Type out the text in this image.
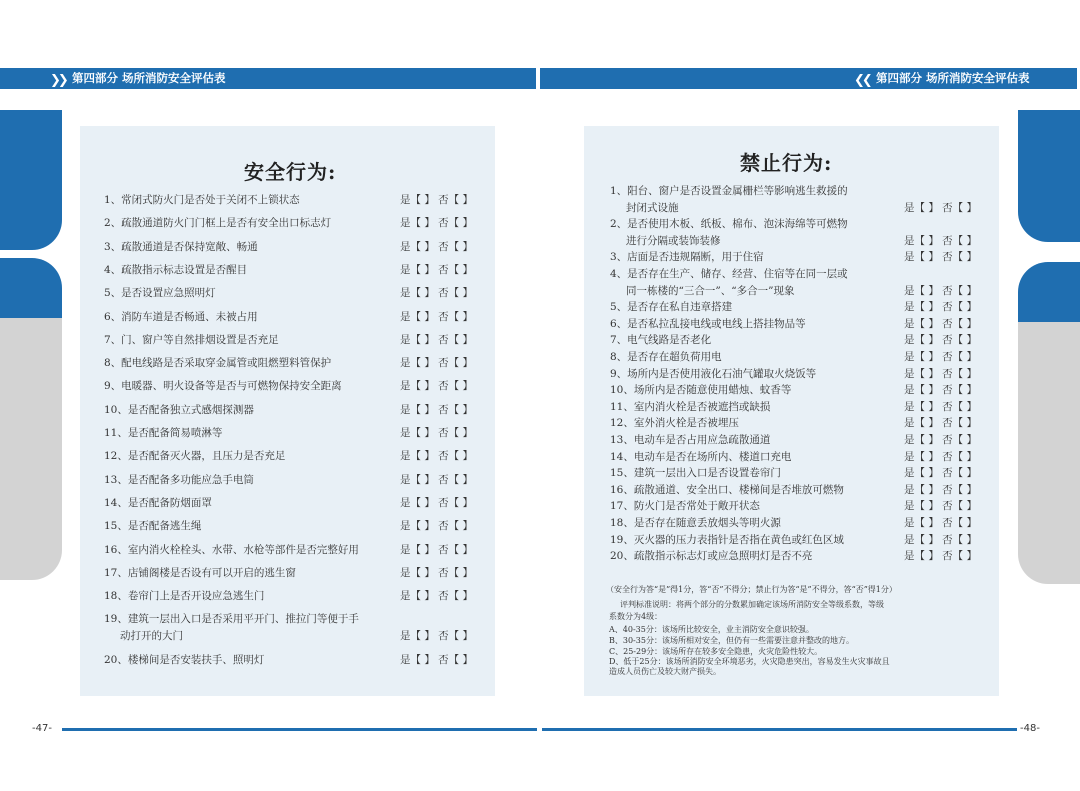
❯❯ 第四部分 场所消防安全评估表	❮❮ 第四部分 场所消防安全评估表
安全行为:
1、常闭式防火门是否处于关闭不上锁状态	是【 】 否【 】
2、疏散通道防火门门框上是否有安全出口标志灯	是【 】 否【 】
3、疏散通道是否保持宽敞、畅通	是【 】 否【 】
4、疏散指示标志设置是否醒目	是【 】 否【 】
5、是否设置应急照明灯	是【 】 否【 】
6、消防车道是否畅通、未被占用	是【 】 否【 】
7、门、窗户等自然排烟设置是否充足	是【 】 否【 】
8、配电线路是否采取穿金属管或阻燃塑料管保护	是【 】 否【 】
9、电暖器、明火设备等是否与可燃物保持安全距离	是【 】 否【 】
10、是否配备独立式感烟探测器	是【 】 否【 】
11、是否配备简易喷淋等	是【 】 否【 】
12、是否配备灭火器，且压力是否充足	是【 】 否【 】
13、是否配备多功能应急手电筒	是【 】 否【 】
14、是否配备防烟面罩	是【 】 否【 】
15、是否配备逃生绳	是【 】 否【 】
16、室内消火栓栓头、水带、水枪等部件是否完整好用	是【 】 否【 】
17、店铺阁楼是否设有可以开启的逃生窗	是【 】 否【 】
18、卷帘门上是否开设应急逃生门	是【 】 否【 】
19、建筑一层出入口是否采用平开门、推拉门等便于手
动打开的大门	是【 】 否【 】
20、楼梯间是否安装扶手、照明灯	是【 】 否【 】
禁止行为:
1、阳台、窗户是否设置金属栅栏等影响逃生救援的
封闭式设施	是【 】 否【 】
2、是否使用木板、纸板、棉布、泡沫海绵等可燃物
进行分隔或装饰装修	是【 】 否【 】
3、店面是否违规隔断，用于住宿	是【 】 否【 】
4、是否存在生产、储存、经营、住宿等在同一层或
同一栋楼的“三合一”、“多合一”现象	是【 】 否【 】
5、是否存在私自违章搭建	是【 】 否【 】
6、是否私拉乱接电线或电线上搭挂物品等	是【 】 否【 】
7、电气线路是否老化	是【 】 否【 】
8、是否存在超负荷用电	是【 】 否【 】
9、场所内是否使用液化石油气罐取火烧饭等	是【 】 否【 】
10、场所内是否随意使用蜡烛、蚊香等	是【 】 否【 】
11、室内消火栓是否被遮挡或缺损	是【 】 否【 】
12、室外消火栓是否被埋压	是【 】 否【 】
13、电动车是否占用应急疏散通道	是【 】 否【 】
14、电动车是否在场所内、楼道口充电	是【 】 否【 】
15、建筑一层出入口是否设置卷帘门	是【 】 否【 】
16、疏散通道、安全出口、楼梯间是否堆放可燃物	是【 】 否【 】
17、防火门是否常处于敞开状态	是【 】 否【 】
18、是否存在随意丢放烟头等明火源	是【 】 否【 】
19、灭火器的压力表指针是否指在黄色或红色区域	是【 】 否【 】
20、疏散指示标志灯或应急照明灯是否不亮	是【 】 否【 】
（安全行为答“是”得1分，答“否”不得分；禁止行为答“是”不得分，答“否”得1分）
评判标准说明：将两个部分的分数累加确定该场所消防安全等级系数，等级
系数分为4级：
A、40-35分：该场所比较安全，业主消防安全意识较强。
B、30-35分：该场所相对安全，但仍有一些需要注意并整改的地方。
C、25-29分：该场所存在较多安全隐患，火灾危险性较大。
D、低于25分：该场所消防安全环境恶劣，火灾隐患突出，容易发生火灾事故且
造成人员伤亡及较大财产损失。
-47-	-48-
